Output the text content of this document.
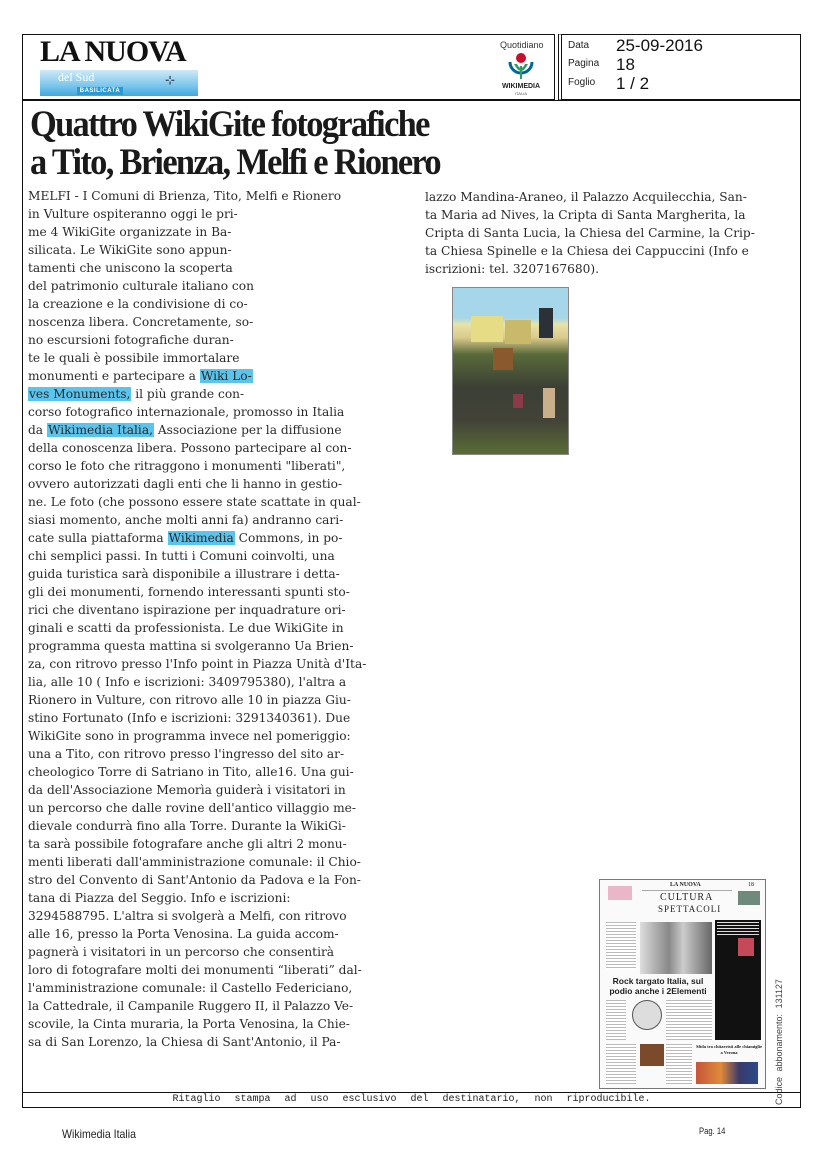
LA NUOVA
del Sud
BASILICATA
⊹
Quotidiano
WIKIMEDIA
ITALIA
Data 25-09-2016
Pagina 18
Foglio 1 / 2
Quattro WikiGite fotografiche
a Tito, Brienza, Melfi e Rionero
MELFI - I Comuni di Brienza, Tito, Melfi e Rionero
in Vulture ospiteranno oggi le pri-
me 4 WikiGite organizzate in Ba-
silicata. Le WikiGite sono appun-
tamenti che uniscono la scoperta
del patrimonio culturale italiano con
la creazione e la condivisione di co-
noscenza libera. Concretamente, so-
no escursioni fotografiche duran-
te le quali è possibile immortalare
monumenti e partecipare a Wiki Lo-
ves Monuments, il più grande con-
corso fotografico internazionale, promosso in Italia
da Wikimedia Italia, Associazione per la diffusione
della conoscenza libera. Possono partecipare al con-
corso le foto che ritraggono i monumenti "liberati",
ovvero autorizzati dagli enti che li hanno in gestio-
ne. Le foto (che possono essere state scattate in qual-
siasi momento, anche molti anni fa) andranno cari-
cate sulla piattaforma Wikimedia Commons, in po-
chi semplici passi. In tutti i Comuni coinvolti, una
guida turistica sarà disponibile a illustrare i detta-
gli dei monumenti, fornendo interessanti spunti sto-
rici che diventano ispirazione per inquadrature ori-
ginali e scatti da professionista. Le due WikiGite in
programma questa mattina si svolgeranno Ua Brien-
za, con ritrovo presso l'Info point in Piazza Unità d'Ita-
lia, alle 10 ( Info e iscrizioni: 3409795380), l'altra a
Rionero in Vulture, con ritrovo alle 10 in piazza Giu-
stino Fortunato (Info e iscrizioni: 3291340361). Due
WikiGite sono in programma invece nel pomeriggio:
una a Tito, con ritrovo presso l'ingresso del sito ar-
cheologico Torre di Satriano in Tito, alle16. Una gui-
da dell'Associazione Memorìa guiderà i visitatori in
un percorso che dalle rovine dell'antico villaggio me-
dievale condurrà fino alla Torre. Durante la WikiGi-
ta sarà possibile fotografare anche gli altri 2 monu-
menti liberati dall'amministrazione comunale: il Chio-
stro del Convento di Sant'Antonio da Padova e la Fon-
tana di Piazza del Seggio. Info e iscrizioni:
3294588795. L'altra si svolgerà a Melfi, con ritrovo
alle 16, presso la Porta Venosina. La guida accom-
pagnerà i visitatori in un percorso che consentirà
loro di fotografare molti dei monumenti “liberati” dal-
l'amministrazione comunale: il Castello Federiciano,
la Cattedrale, il Campanile Ruggero II, il Palazzo Ve-
scovile, la Cinta muraria, la Porta Venosina, la Chie-
sa di San Lorenzo, la Chiesa di Sant'Antonio, il Pa-
lazzo Mandina-Araneo, il Palazzo Acquilecchia, San-
ta Maria ad Nives, la Cripta di Santa Margherita, la
Cripta di Santa Lucia, la Chiesa del Carmine, la Crip-
ta Chiesa Spinelle e la Chiesa dei Cappuccini (Info e
iscrizioni: tel. 3207167680).
LA NUOVA	18
CULTURA
SPETTACOLI
Rock targato Italia, sul
podio anche i 2Elementi
Sfida tra chitarristi alle chiamiglie a Verona	Codice abbonamento: 131127
Ritaglio stampa ad uso esclusivo del destinatario, non riproducibile.
Wikimedia Italia	Pag. 14
